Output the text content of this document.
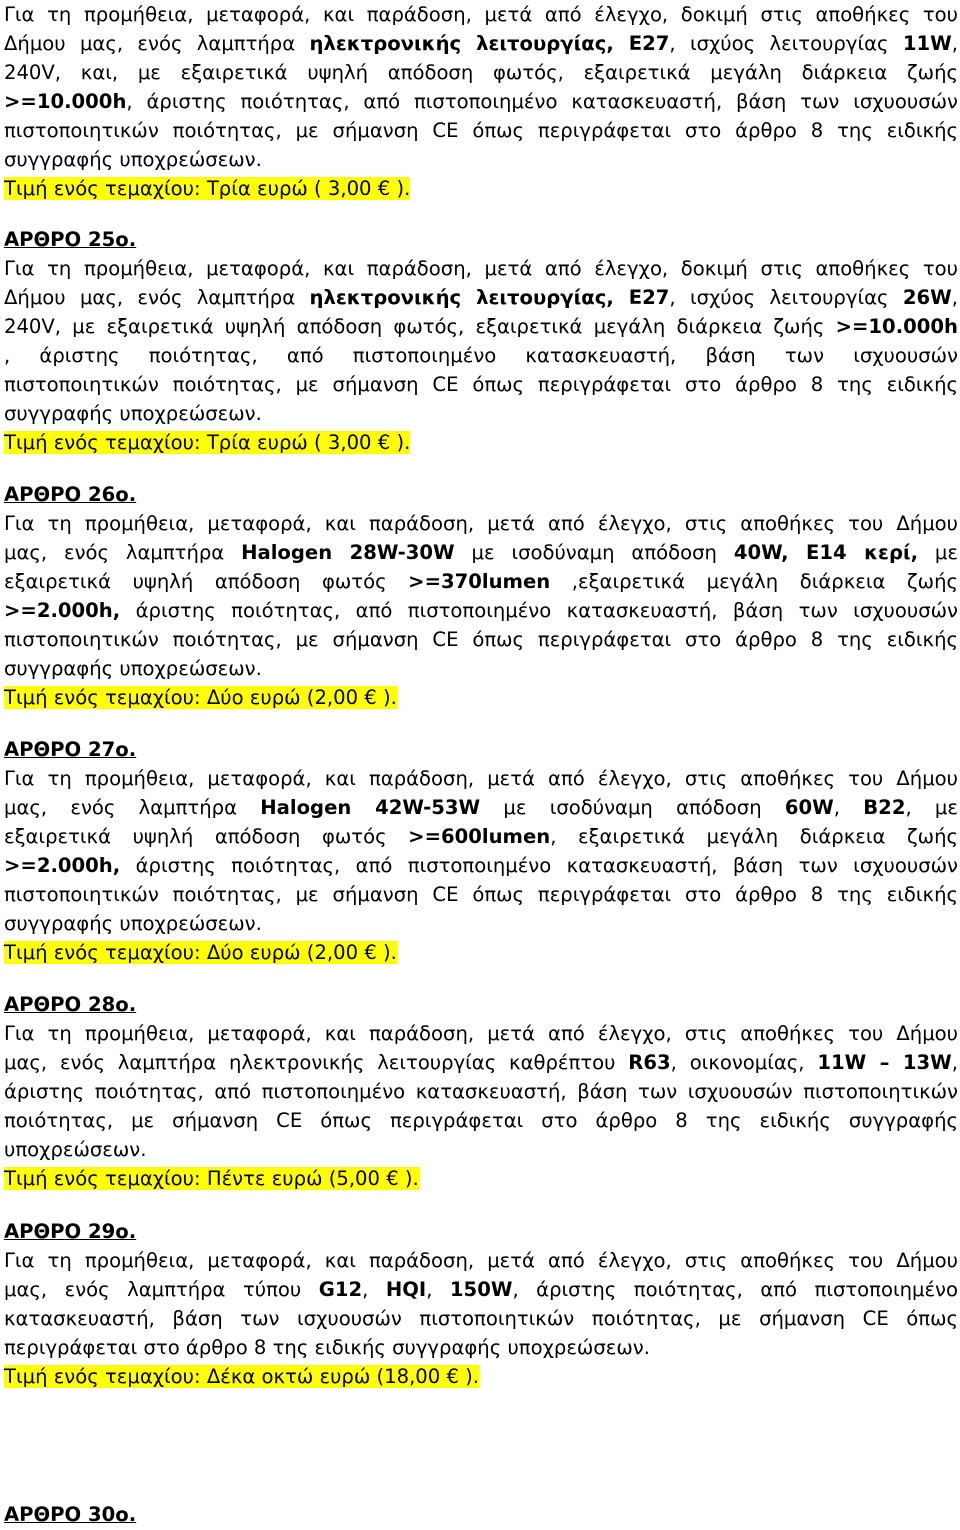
Για τη προμήθεια, μεταφορά, και παράδοση, μετά από έλεγχο, δοκιμή στις αποθήκες του
Δήμου μας, ενός λαμπτήρα ηλεκτρονικής λειτουργίας, Ε27, ισχύος λειτουργίας 11W,
240V, και, με εξαιρετικά υψηλή απόδοση φωτός, εξαιρετικά μεγάλη διάρκεια ζωής
>=10.000h, άριστης ποιότητας, από πιστοποιημένο κατασκευαστή, βάση των ισχυουσών
πιστοποιητικών ποιότητας, με σήμανση CE όπως περιγράφεται στο άρθρο 8 της ειδικής
συγγραφής υποχρεώσεων.
Τιμή ενός τεμαχίου: Τρία ευρώ ( 3,00 € ).
ΑΡΘΡΟ 25ο.
Για τη προμήθεια, μεταφορά, και παράδοση, μετά από έλεγχο, δοκιμή στις αποθήκες του
Δήμου μας, ενός λαμπτήρα ηλεκτρονικής λειτουργίας, Ε27, ισχύος λειτουργίας 26W,
240V, με εξαιρετικά υψηλή απόδοση φωτός, εξαιρετικά μεγάλη διάρκεια ζωής >=10.000h
, άριστης ποιότητας, από πιστοποιημένο κατασκευαστή, βάση των ισχυουσών
πιστοποιητικών ποιότητας, με σήμανση CE όπως περιγράφεται στο άρθρο 8 της ειδικής
συγγραφής υποχρεώσεων.
Τιμή ενός τεμαχίου: Τρία ευρώ ( 3,00 € ).
ΑΡΘΡΟ 26ο.
Για τη προμήθεια, μεταφορά, και παράδοση, μετά από έλεγχο, στις αποθήκες του Δήμου
μας, ενός λαμπτήρα Halogen 28W-30W με ισοδύναμη απόδοση 40W, E14 κερί, με
εξαιρετικά υψηλή απόδοση φωτός >=370lumen ,εξαιρετικά μεγάλη διάρκεια ζωής
>=2.000h, άριστης ποιότητας, από πιστοποιημένο κατασκευαστή, βάση των ισχυουσών
πιστοποιητικών ποιότητας, με σήμανση CE όπως περιγράφεται στο άρθρο 8 της ειδικής
συγγραφής υποχρεώσεων.
Τιμή ενός τεμαχίου: Δύο ευρώ (2,00 € ).
ΑΡΘΡΟ 27ο.
Για τη προμήθεια, μεταφορά, και παράδοση, μετά από έλεγχο, στις αποθήκες του Δήμου
μας, ενός λαμπτήρα Halogen 42W-53W με ισοδύναμη απόδοση 60W, B22, με
εξαιρετικά υψηλή απόδοση φωτός >=600lumen, εξαιρετικά μεγάλη διάρκεια ζωής
>=2.000h, άριστης ποιότητας, από πιστοποιημένο κατασκευαστή, βάση των ισχυουσών
πιστοποιητικών ποιότητας, με σήμανση CE όπως περιγράφεται στο άρθρο 8 της ειδικής
συγγραφής υποχρεώσεων.
Τιμή ενός τεμαχίου: Δύο ευρώ (2,00 € ).
ΑΡΘΡΟ 28ο.
Για τη προμήθεια, μεταφορά, και παράδοση, μετά από έλεγχο, στις αποθήκες του Δήμου
μας, ενός λαμπτήρα ηλεκτρονικής λειτουργίας καθρέπτου R63, οικονομίας, 11W – 13W,
άριστης ποιότητας, από πιστοποιημένο κατασκευαστή, βάση των ισχυουσών πιστοποιητικών
ποιότητας, με σήμανση CE όπως περιγράφεται στο άρθρο 8 της ειδικής συγγραφής
υποχρεώσεων.
Τιμή ενός τεμαχίου: Πέντε ευρώ (5,00 € ).
ΑΡΘΡΟ 29ο.
Για τη προμήθεια, μεταφορά, και παράδοση, μετά από έλεγχο, στις αποθήκες του Δήμου
μας, ενός λαμπτήρα τύπου G12, HQI, 150W, άριστης ποιότητας, από πιστοποιημένο
κατασκευαστή, βάση των ισχυουσών πιστοποιητικών ποιότητας, με σήμανση CE όπως
περιγράφεται στο άρθρο 8 της ειδικής συγγραφής υποχρεώσεων.
Τιμή ενός τεμαχίου: Δέκα οκτώ ευρώ (18,00 € ).
ΑΡΘΡΟ 30ο.
